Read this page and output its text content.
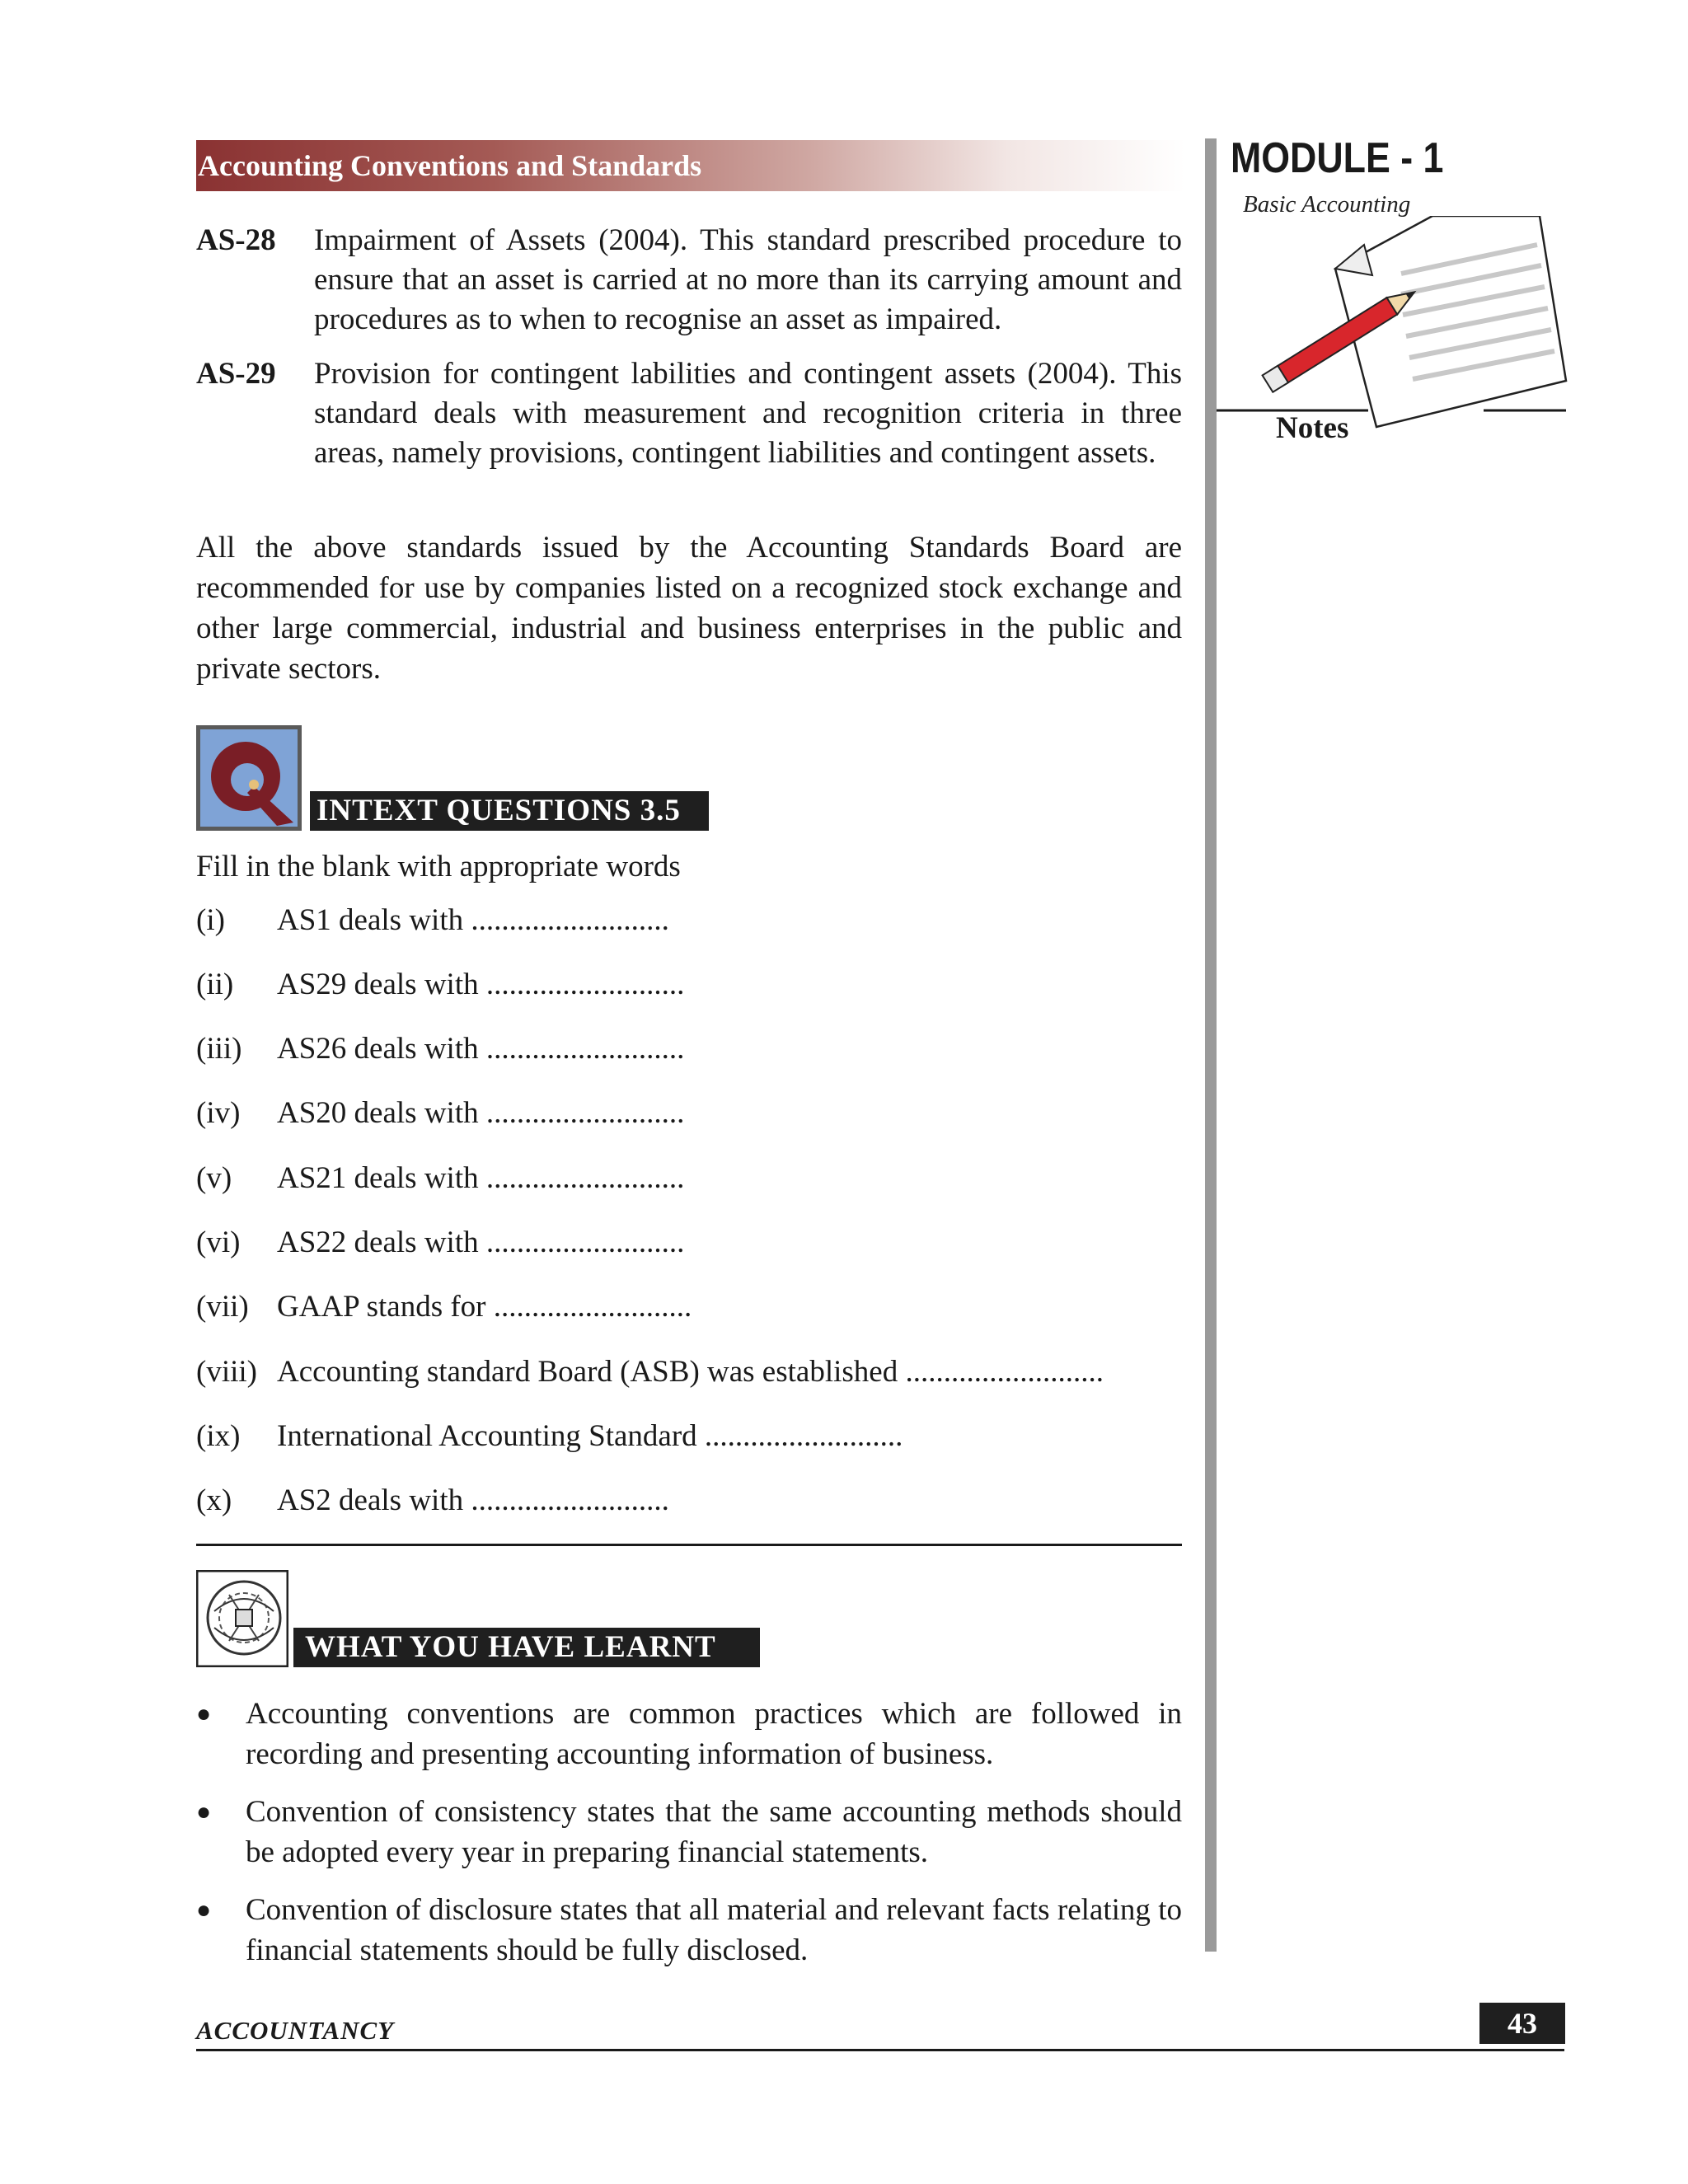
Accounting Conventions and Standards	MODULE - 1
Basic Accounting
Notes
AS-28 Impairment of Assets (2004). This standard prescribed procedure to ensure that an asset is carried at no more than its carrying amount and procedures as to when to recognise an asset as impaired.
AS-29 Provision for contingent labilities and contingent assets (2004). This standard deals with measurement and recognition criteria in three areas, namely provisions, contingent liabilities and contingent assets.
All the above standards issued by the Accounting Standards Board are recommended for use by companies listed on a recognized stock exchange and other large commercial, industrial and business enterprises in the public and private sectors.
INTEXT QUESTIONS 3.5
Fill in the blank with appropriate words
(i) AS1 deals with ..........................
(ii) AS29 deals with ..........................
(iii) AS26 deals with ..........................
(iv) AS20 deals with ..........................
(v) AS21 deals with ..........................
(vi) AS22 deals with ..........................
(vii) GAAP stands for ..........................
(viii) Accounting standard Board (ASB) was established ..........................
(ix) International Accounting Standard ..........................
(x) AS2 deals with ..........................
WHAT YOU HAVE LEARNT
● Accounting conventions are common practices which are followed in recording and presenting accounting information of business.
● Convention of consistency states that the same accounting methods should be adopted every year in preparing financial statements.
● Convention of disclosure states that all material and relevant facts relating to financial statements should be fully disclosed.
ACCOUNTANCY	43
